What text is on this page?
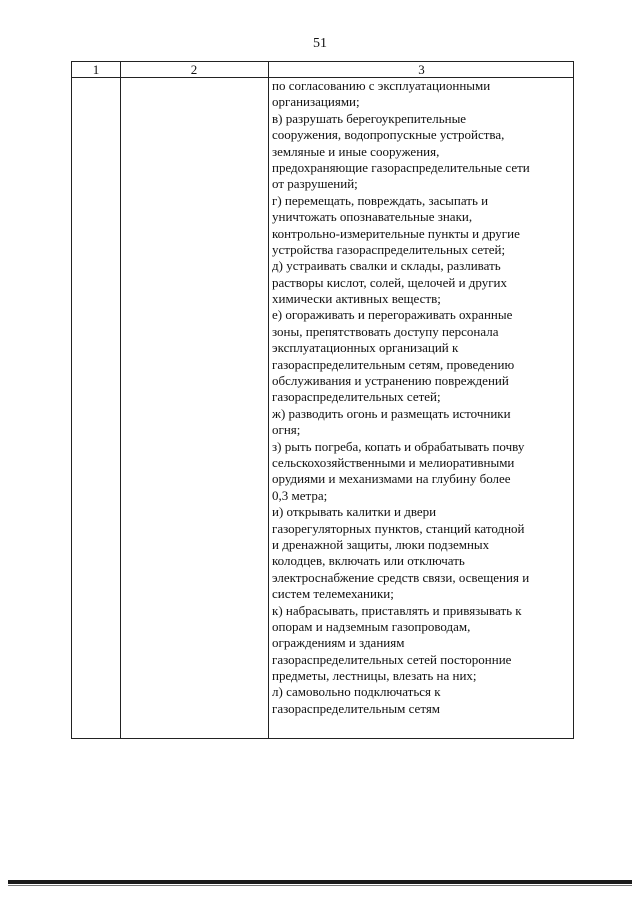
51
1	2	3
по согласованию с эксплуатационными
организациями;
в) разрушать берегоукрепительные
сооружения, водопропускные устройства,
земляные и иные сооружения,
предохраняющие газораспределительные сети
от разрушений;
г) перемещать, повреждать, засыпать и
уничтожать опознавательные знаки,
контрольно-измерительные пункты и другие
устройства газораспределительных сетей;
д) устраивать свалки и склады, разливать
растворы кислот, солей, щелочей и других
химически активных веществ;
е) огораживать и перегораживать охранные
зоны, препятствовать доступу персонала
эксплуатационных организаций к
газораспределительным сетям, проведению
обслуживания и устранению повреждений
газораспределительных сетей;
ж) разводить огонь и размещать источники
огня;
з) рыть погреба, копать и обрабатывать почву
сельскохозяйственными и мелиоративными
орудиями и механизмами на глубину более
0,3 метра;
и) открывать калитки и двери
газорегуляторных пунктов, станций катодной
и дренажной защиты, люки подземных
колодцев, включать или отключать
электроснабжение средств связи, освещения и
систем телемеханики;
к) набрасывать, приставлять и привязывать к
опорам и надземным газопроводам,
ограждениям и зданиям
газораспределительных сетей посторонние
предметы, лестницы, влезать на них;
л) самовольно подключаться к
газораспределительным сетям
